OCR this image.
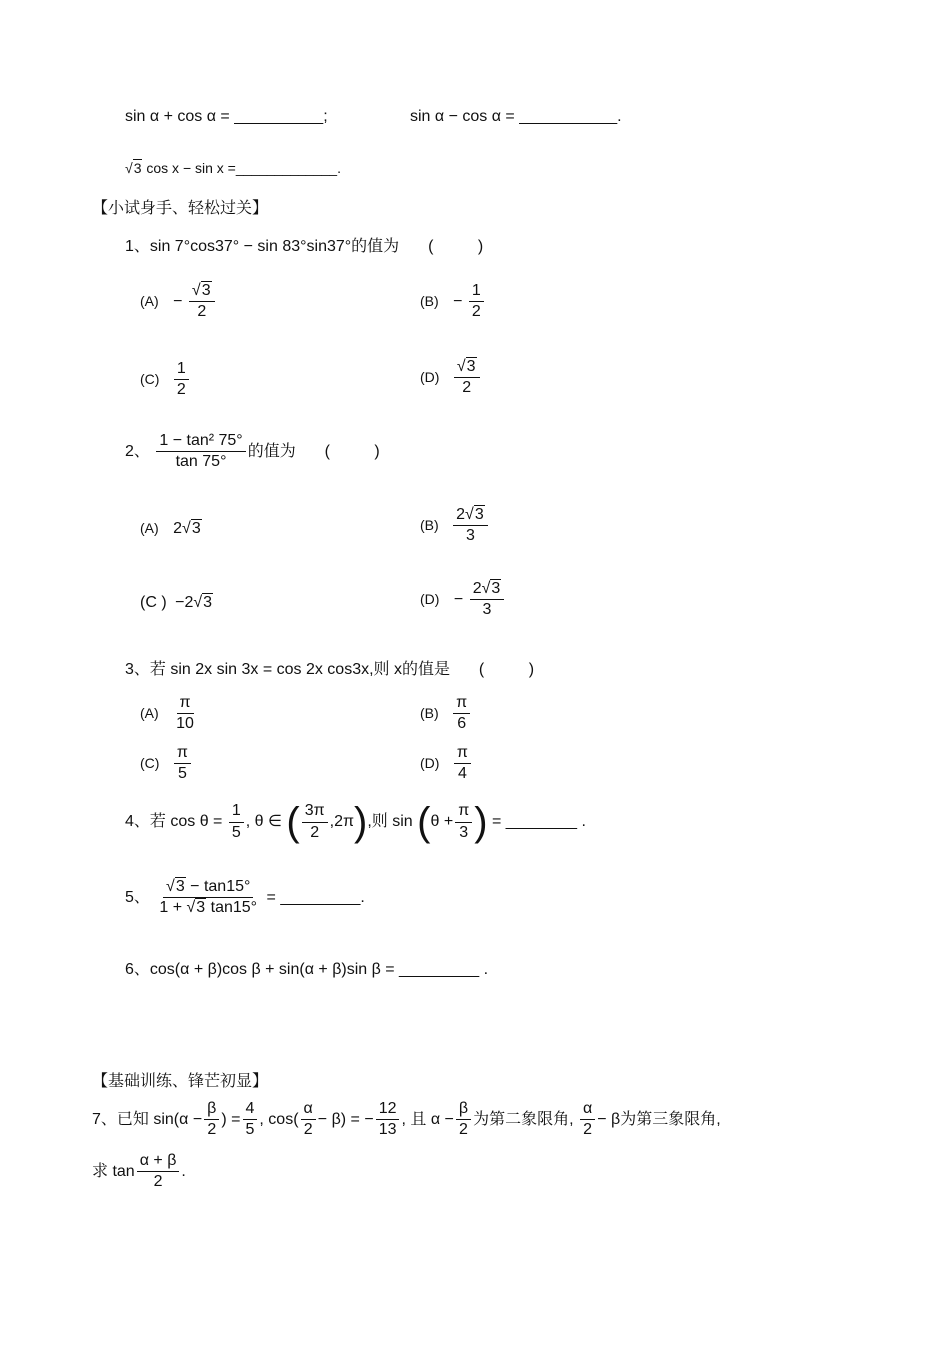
sin α + cos α = __________;	sin α − cos α = ___________.
√3 cos x − sin x =_____________.
【小试身手、轻松过关】
1、sin 7°cos37° − sin 83°sin37°的值为 (          )
$(A) - \frac{√3}{2}$	$(B) - \frac{1}{2}$
$(C) \frac{1}{2}$	$(D) \frac{√3}{2}$
2、 $\frac{\text{1 − tan² 75°}}{\tan 75^\circ}$ 的值为 (          )
(A) 2√3	$(B) \frac{2√3}{3}$
(C ) −2√3	$(D) - \frac{2√3}{3}$
3、若 sin 2x sin 3x = cos 2x cos3x,则 x的值是 (          )
$(A) \frac{\pi}{10}$	$(B) \frac{\pi}{6}$
$(C) \frac{\pi}{5}$	$(D) \frac{\pi}{4}$
4、若 $\cos \theta = \frac{1}{5}$ , θ ∈ ( $\frac{3\pi}{2} ,2\pi$),则 $\sin (\theta + \frac{\pi}{3}$ ) = ________ .
5、 $\frac{√3 - \tan 15^\circ}{1 + √3 \tan 15^\circ}$ = _________.
6、cos(α + β)cos β + sin(α + β)sin β = _________ .
【基础训练、锋芒初显】
7、已知 $\sin(\alpha - \frac{\beta}{2}$ ) = $\frac{4}{5}$ , $\cos( \frac{\alpha}{2} - \beta)$ = − $\frac{12}{13}$ , 且 $\alpha - \frac{\beta}{2}$ 为第二象限角, $\frac{\alpha}{2} - \beta$为第三象限角,
求 $\tan \frac{\alpha + \beta}{2}$ .
